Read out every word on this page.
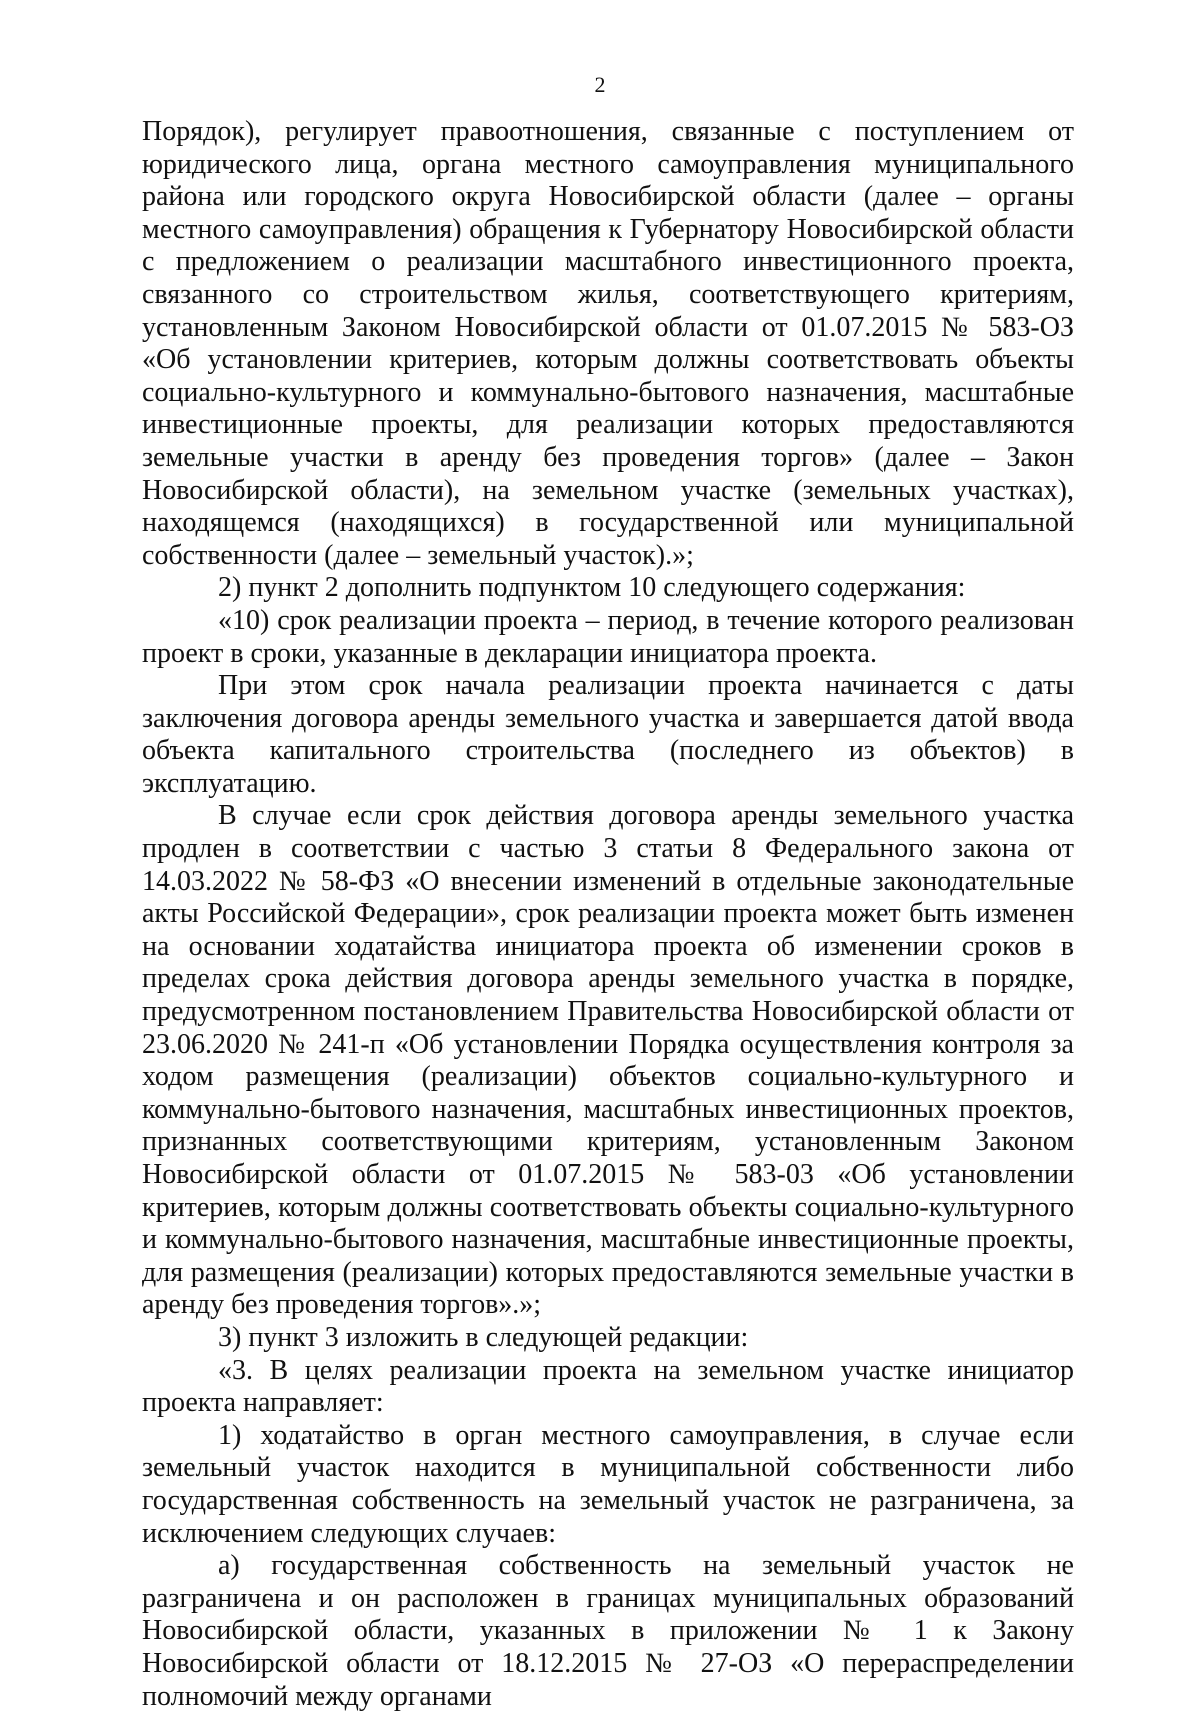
2

Порядок), регулирует правоотношения, связанные с поступлением от юридического лица, органа местного самоуправления муниципального района или городского округа Новосибирской области (далее – органы местного самоуправления) обращения к Губернатору Новосибирской области с предложением о реализации масштабного инвестиционного проекта, связанного со строительством жилья, соответствующего критериям, установленным Законом Новосибирской области от 01.07.2015 № 583-ОЗ «Об установлении критериев, которым должны соответствовать объекты социально-культурного и коммунально-бытового назначения, масштабные инвестиционные проекты, для реализации которых предоставляются земельные участки в аренду без проведения торгов» (далее – Закон Новосибирской области), на земельном участке (земельных участках), находящемся (находящихся) в государственной или муниципальной собственности (далее – земельный участок).»;

2) пункт 2 дополнить подпунктом 10 следующего содержания:

«10) срок реализации проекта – период, в течение которого реализован проект в сроки, указанные в декларации инициатора проекта.

При этом срок начала реализации проекта начинается с даты заключения договора аренды земельного участка и завершается датой ввода объекта капитального строительства (последнего из объектов) в эксплуатацию.

В случае если срок действия договора аренды земельного участка продлен в соответствии с частью 3 статьи 8 Федерального закона от 14.03.2022 № 58-ФЗ «О внесении изменений в отдельные законодательные акты Российской Федерации», срок реализации проекта может быть изменен на основании ходатайства инициатора проекта об изменении сроков в пределах срока действия договора аренды земельного участка в порядке, предусмотренном постановлением Правительства Новосибирской области от 23.06.2020 № 241-п «Об установлении Порядка осуществления контроля за ходом размещения (реализации) объектов социально-культурного и коммунально-бытового назначения, масштабных инвестиционных проектов, признанных соответствующими критериям, установленным Законом Новосибирской области от 01.07.2015 № 583-03 «Об установлении критериев, которым должны соответствовать объекты социально-культурного и коммунально-бытового назначения, масштабные инвестиционные проекты, для размещения (реализации) которых предоставляются земельные участки в аренду без проведения торгов».»;

3) пункт 3 изложить в следующей редакции:

«3. В целях реализации проекта на земельном участке инициатор проекта направляет:

1) ходатайство в орган местного самоуправления, в случае если земельный участок находится в муниципальной собственности либо государственная собственность на земельный участок не разграничена, за исключением следующих случаев:

а) государственная собственность на земельный участок не разграничена и он расположен в границах муниципальных образований Новосибирской области, указанных в приложении № 1 к Закону Новосибирской области от 18.12.2015 № 27-ОЗ «О перераспределении полномочий между органами
